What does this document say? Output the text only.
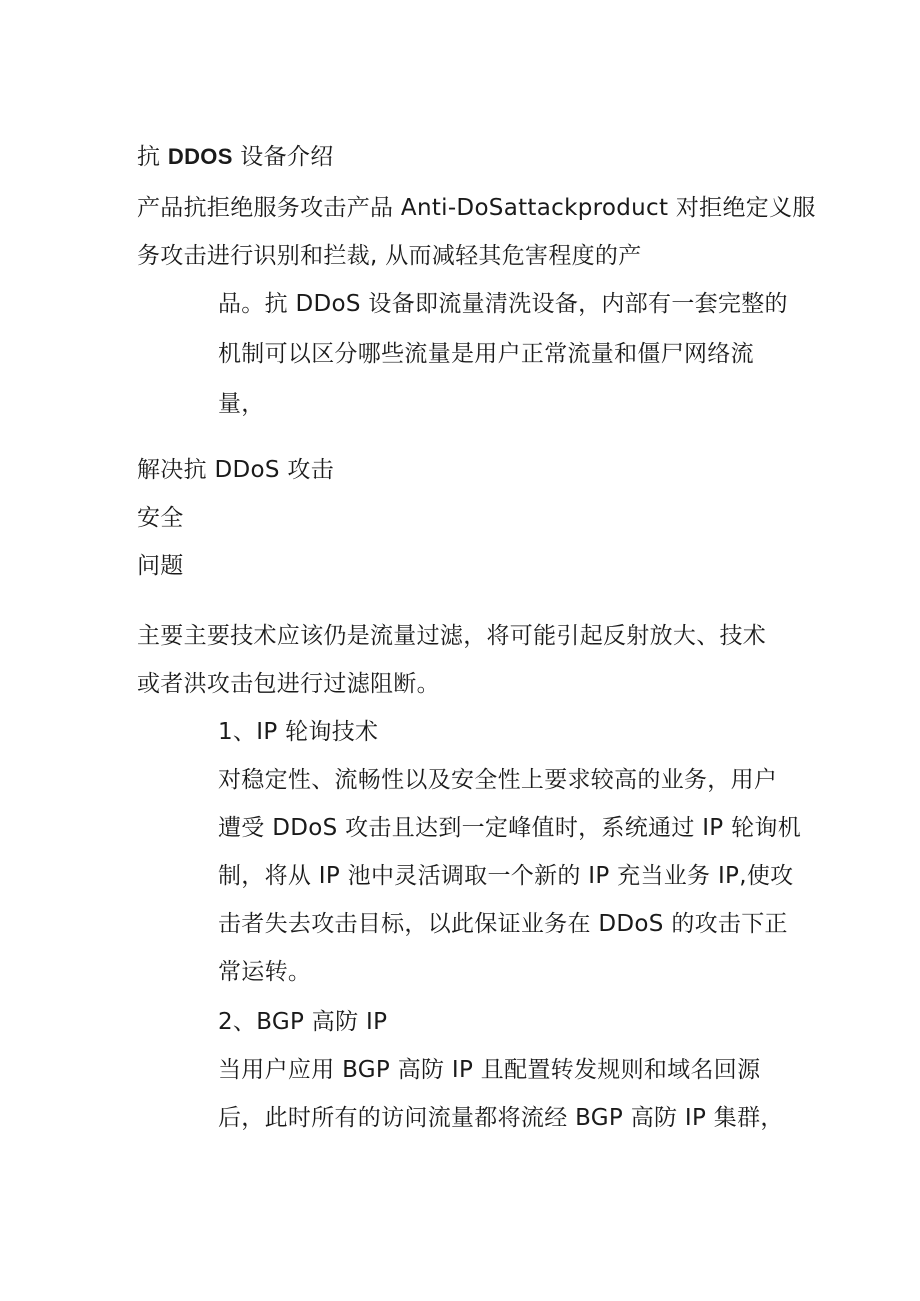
抗 DDOS 设备介绍
产品抗拒绝服务攻击产品 Anti-DoSattackproduct 对拒绝定义服
务攻击进行识别和拦裁, 从而减轻其危害程度的产
品。抗 DDoS 设备即流量清洗设备，内部有一套完整的
机制可以区分哪些流量是用户正常流量和僵尸网络流
量，
解决抗 DDoS 攻击
安全
问题
主要主要技术应该仍是流量过滤，将可能引起反射放大、技术
或者洪攻击包进行过滤阻断。
1、IP 轮询技术
对稳定性、流畅性以及安全性上要求较高的业务，用户
遭受 DDoS 攻击且达到一定峰值时，系统通过 IP 轮询机
制，将从 IP 池中灵活调取一个新的 IP 充当业务 IP,使攻
击者失去攻击目标，以此保证业务在 DDoS 的攻击下正
常运转。
2、BGP 高防 IP
当用户应用 BGP 高防 IP 且配置转发规则和域名回源
后，此时所有的访问流量都将流经 BGP 高防 IP 集群，
